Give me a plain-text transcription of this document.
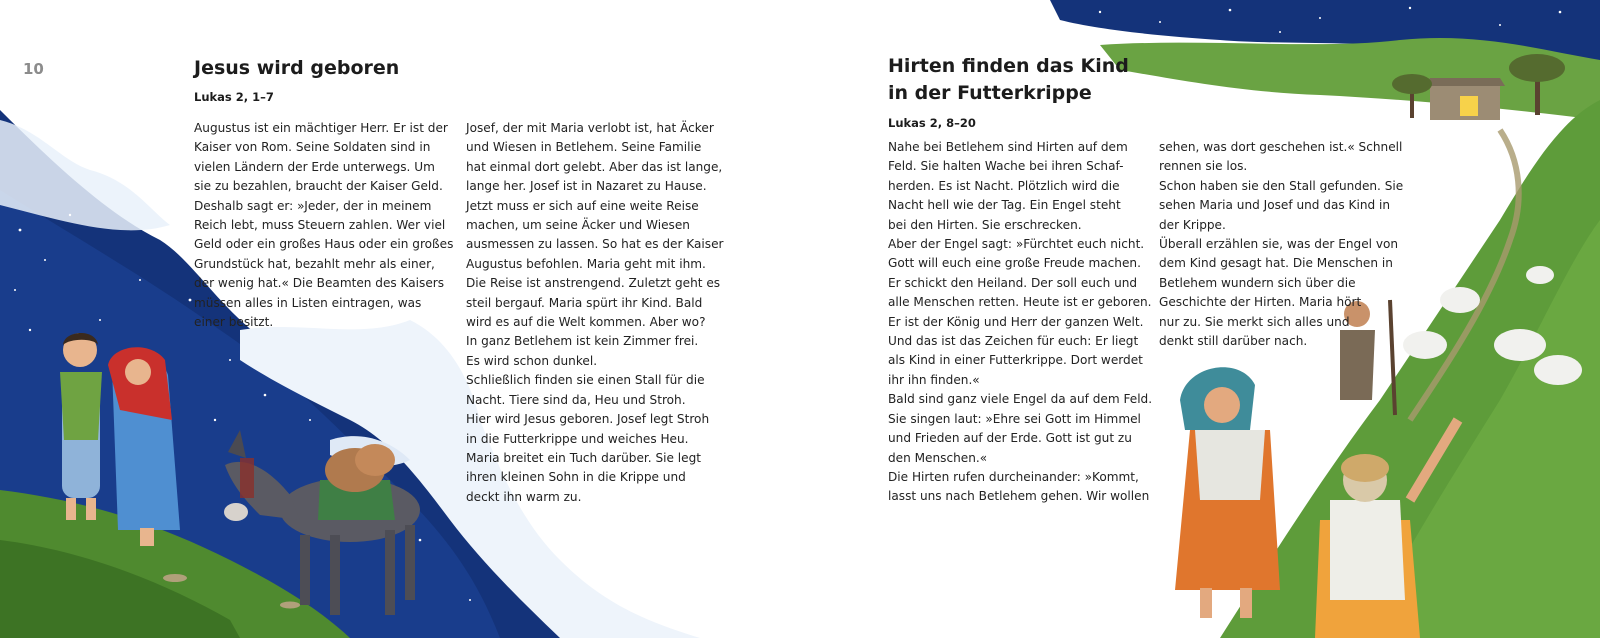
10	Jesus wird geboren
Lukas 2, 1–7
Augustus ist ein mächtiger Herr. Er ist der
Kaiser von Rom. Seine Soldaten sind in
vielen Ländern der Erde unterwegs. Um
sie zu bezahlen, braucht der Kaiser Geld.
Deshalb sagt er: »Jeder, der in meinem
Reich lebt, muss Steuern zahlen. Wer viel
Geld oder ein großes Haus oder ein großes
Grundstück hat, bezahlt mehr als einer,
der wenig hat.« Die Beamten des Kaisers
müssen alles in Listen eintragen, was
einer besitzt.
Josef, der mit Maria verlobt ist, hat Äcker
und Wiesen in Betlehem. Seine Familie
hat einmal dort gelebt. Aber das ist lange,
lange her. Josef ist in Nazaret zu Hause.
Jetzt muss er sich auf eine weite Reise
machen, um seine Äcker und Wiesen
ausmessen zu lassen. So hat es der Kaiser
Augustus befohlen. Maria geht mit ihm.
Die Reise ist anstrengend. Zuletzt geht es
steil bergauf. Maria spürt ihr Kind. Bald
wird es auf die Welt kommen. Aber wo?
In ganz Betlehem ist kein Zimmer frei.
Es wird schon dunkel.
Schließlich finden sie einen Stall für die
Nacht. Tiere sind da, Heu und Stroh.
Hier wird Jesus geboren. Josef legt Stroh
in die Futterkrippe und weiches Heu.
Maria breitet ein Tuch darüber. Sie legt
ihren kleinen Sohn in die Krippe und
deckt ihn warm zu.
Hirten finden das Kind
in der Futterkrippe
Lukas 2, 8–20
Nahe bei Betlehem sind Hirten auf dem
Feld. Sie halten Wache bei ihren Schaf-
herden. Es ist Nacht. Plötzlich wird die
Nacht hell wie der Tag. Ein Engel steht
bei den Hirten. Sie erschrecken.
Aber der Engel sagt: »Fürchtet euch nicht.
Gott will euch eine große Freude machen.
Er schickt den Heiland. Der soll euch und
alle Menschen retten. Heute ist er geboren.
Er ist der König und Herr der ganzen Welt.
Und das ist das Zeichen für euch: Er liegt
als Kind in einer Futterkrippe. Dort werdet
ihr ihn finden.«
Bald sind ganz viele Engel da auf dem Feld.
Sie singen laut: »Ehre sei Gott im Himmel
und Frieden auf der Erde. Gott ist gut zu
den Menschen.«
Die Hirten rufen durcheinander: »Kommt,
lasst uns nach Betlehem gehen. Wir wollen
sehen, was dort geschehen ist.« Schnell
rennen sie los.
Schon haben sie den Stall gefunden. Sie
sehen Maria und Josef und das Kind in
der Krippe.
Überall erzählen sie, was der Engel von
dem Kind gesagt hat. Die Menschen in
Betlehem wundern sich über die
Geschichte der Hirten. Maria hört
nur zu. Sie merkt sich alles und
denkt still darüber nach.
